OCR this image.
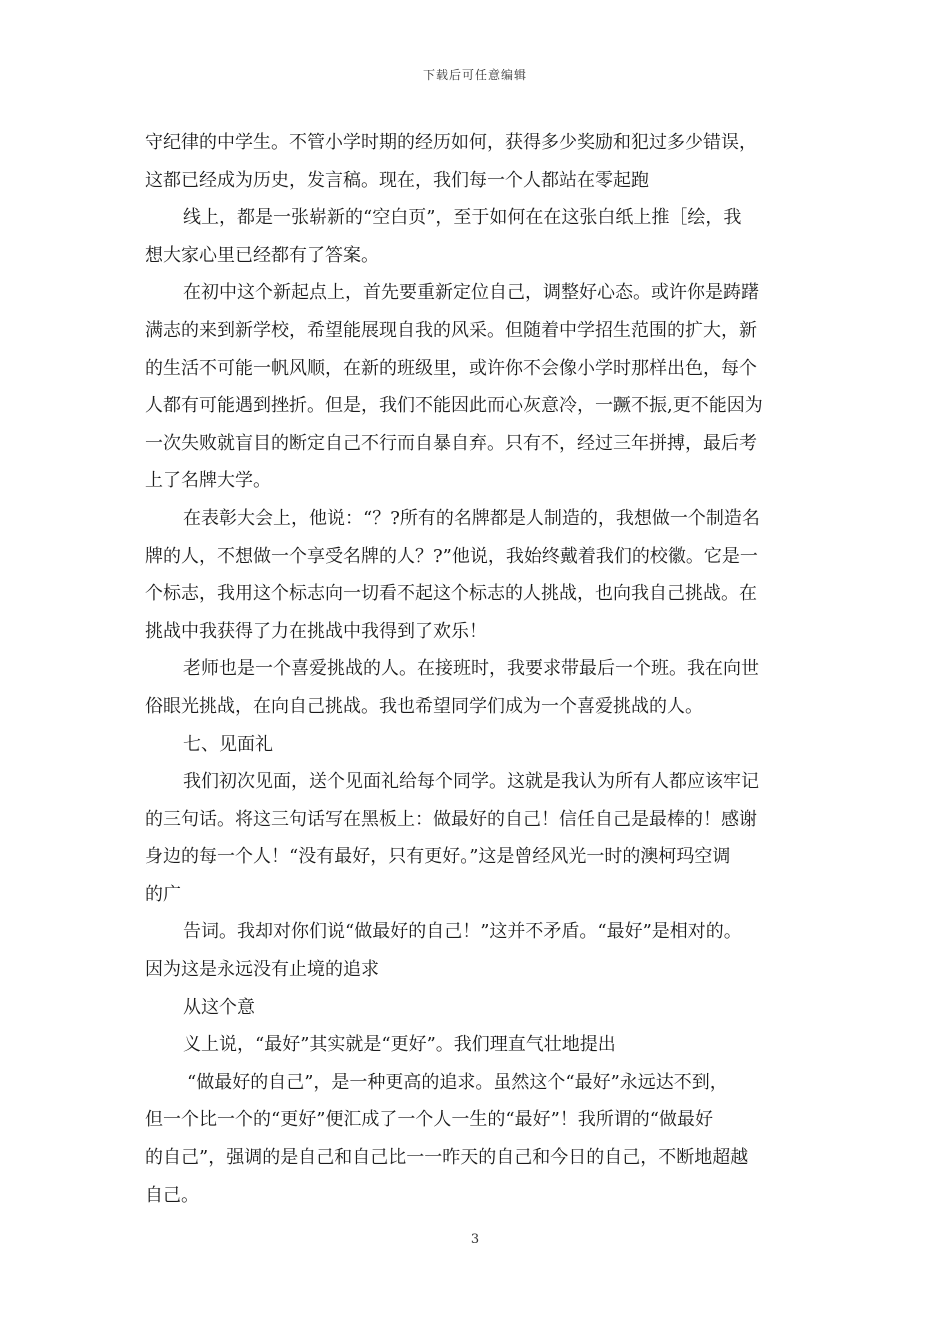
下载后可任意编辑
守纪律的中学生。不管小学时期的经历如何，获得多少奖励和犯过多少错误，
这都已经成为历史，发言稿。现在，我们每一个人都站在零起跑
线上，都是一张崭新的“空白页”，至于如何在在这张白纸上推［绘，我
想大家心里已经都有了答案。
在初中这个新起点上，首先要重新定位自己，调整好心态。或许你是踌躇
满志的来到新学校，希望能展现自我的风采。但随着中学招生范围的扩大，新
的生活不可能一帆风顺，在新的班级里，或许你不会像小学时那样出色，每个
人都有可能遇到挫折。但是，我们不能因此而心灰意冷，一蹶不振,更不能因为
一次失败就盲目的断定自己不行而自暴自弃。只有不，经过三年拼搏，最后考
上了名牌大学。
在表彰大会上，他说：“？?所有的名牌都是人制造的，我想做一个制造名
牌的人，不想做一个享受名牌的人？?”他说，我始终戴着我们的校徽。它是一
个标志，我用这个标志向一切看不起这个标志的人挑战，也向我自己挑战。在
挑战中我获得了力在挑战中我得到了欢乐！
老师也是一个喜爱挑战的人。在接班时，我要求带最后一个班。我在向世
俗眼光挑战，在向自己挑战。我也希望同学们成为一个喜爱挑战的人。
七、见面礼
我们初次见面，送个见面礼给每个同学。这就是我认为所有人都应该牢记
的三句话。将这三句话写在黑板上：做最好的自己！信任自己是最棒的！感谢
身边的每一个人！“没有最好，只有更好。”这是曾经风光一时的澳柯玛空调
的广
告词。我却对你们说“做最好的自己！”这并不矛盾。“最好”是相对的。
因为这是永远没有止境的追求
从这个意
义上说，“最好”其实就是“更好”。我们理直气壮地提出
“做最好的自己”，是一种更高的追求。虽然这个“最好”永远达不到，
但一个比一个的“更好”便汇成了一个人一生的“最好”！我所谓的“做最好
的自己”，强调的是自己和自己比一一昨天的自己和今日的自己，不断地超越
自己。
3
